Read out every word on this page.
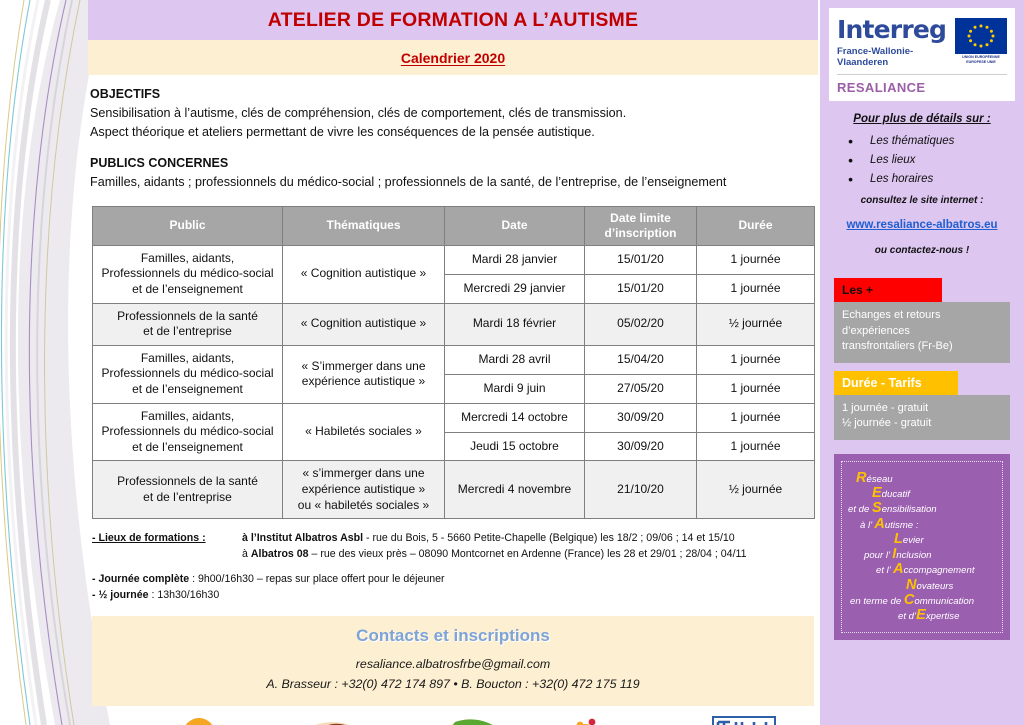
ATELIER DE FORMATION A L’AUTISME
Calendrier 2020
OBJECTIFS
Sensibilisation à l’autisme, clés de compréhension, clés de comportement, clés de transmission.
Aspect théorique et ateliers permettant de vivre les conséquences de la pensée autistique.
PUBLICS CONCERNES
Familles, aidants ; professionnels du médico-social ; professionnels de la santé, de l’entreprise, de l’enseignement
Public	Thématiques	Date	Date limite
d’inscription	Durée
Familles, aidants,
Professionnels du médico-social
et de l’enseignement	« Cognition autistique »	Mardi 28 janvier	15/01/20	1 journée
		Mercredi 29 janvier	15/01/20	1 journée
Professionnels de la santé
et de l’entreprise	« Cognition autistique »	Mardi 18 février	05/02/20	½ journée
Familles, aidants,
Professionnels du médico-social
et de l’enseignement	« S’immerger dans une
expérience autistique »	Mardi 28 avril	15/04/20	1 journée
		Mardi 9 juin	27/05/20	1 journée
Familles, aidants,
Professionnels du médico-social
et de l’enseignement	« Habiletés sociales »	Mercredi 14 octobre	30/09/20	1 journée
		Jeudi 15 octobre	30/09/20	1 journée
Professionnels de la santé
et de l’entreprise	« s’immerger dans une
expérience autistique »
ou « habiletés sociales »	Mercredi 4 novembre	21/10/20	½ journée
- Lieux de formations :	à l’Institut Albatros Asbl - rue du Bois, 5 - 5660 Petite-Chapelle (Belgique) les 18/2 ; 09/06 ; 14 et 15/10
à Albatros 08 – rue des vieux près – 08090 Montcornet en Ardenne (France) les 28 et 29/01 ; 28/04 ; 04/11
- Journée complète : 9h00/16h30 – repas sur place offert pour le déjeuner
- ½ journée : 13h30/16h30
Contacts et inscriptions
resaliance.albatrosfrbe@gmail.com
A. Brasseur : +32(0) 472 174 897 • B. Boucton : +32(0) 472 175 119
Interreg
France-Wallonie-Vlaanderen	UNION EUROPÉENNE
EUROPESE UNIE
RESALIANCE
Pour plus de détails sur :
• Les thématiques
• Les lieux
• Les horaires
consultez le site internet :
www.resaliance-albatros.eu
ou contactez-nous !
Les +
Echanges et retours d’expériences
transfrontaliers (Fr-Be)
Durée - Tarifs
1 journée - gratuit
½ journée - gratuit
Réseau
Educatif
et de Sensibilisation
à l’ Autisme :
Levier
pour l’ Inclusion
et l’ Accompagnement
Novateurs
en terme de Communication
et d’Expertise
